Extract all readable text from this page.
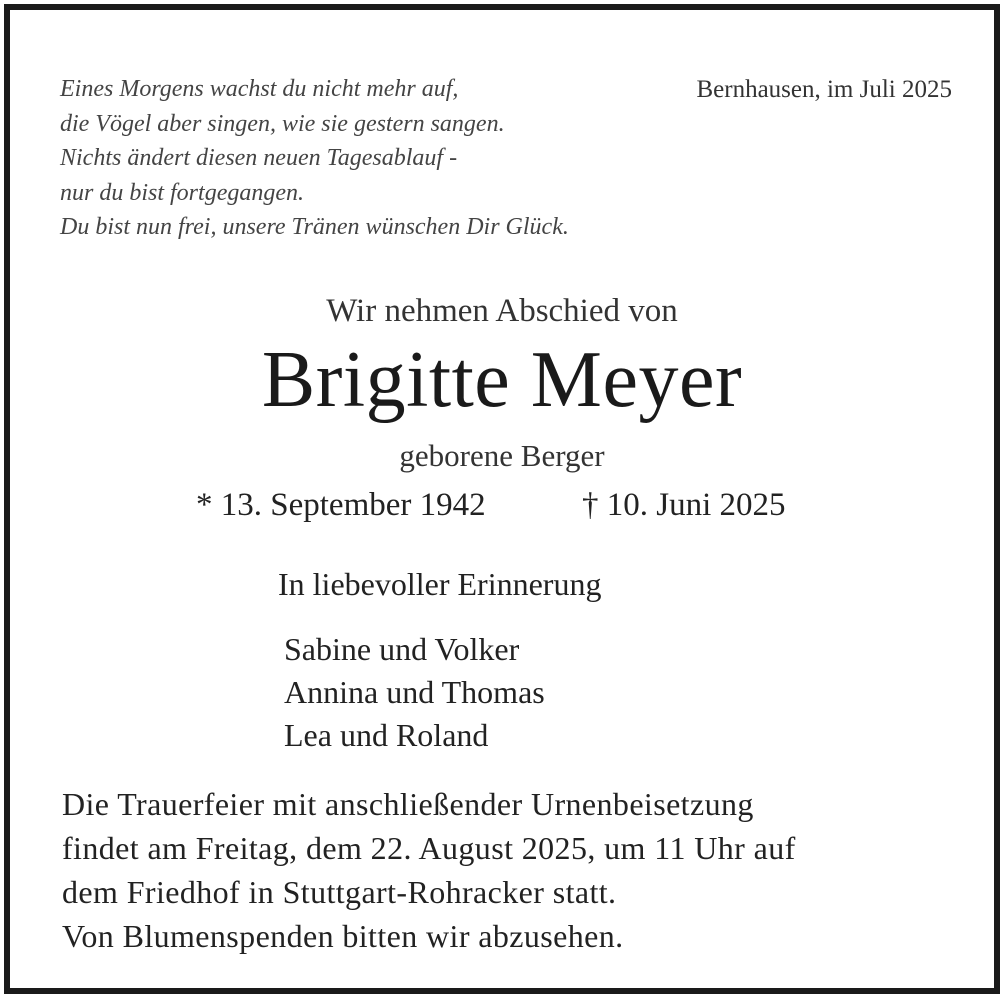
Eines Morgens wachst du nicht mehr auf,
die Vögel aber singen, wie sie gestern sangen.
Nichts ändert diesen neuen Tagesablauf -
nur du bist fortgegangen.
Du bist nun frei, unsere Tränen wünschen Dir Glück.
Bernhausen, im Juli 2025
Wir nehmen Abschied von
Brigitte Meyer
geborene Berger
* 13. September 1942	† 10. Juni 2025
In liebevoller Erinnerung
Sabine und Volker
Annina und Thomas
Lea und Roland
Die Trauerfeier mit anschließender Urnenbeisetzung
findet am Freitag, dem 22. August 2025, um 11 Uhr auf
dem Friedhof in Stuttgart-Rohracker statt.
Von Blumenspenden bitten wir abzusehen.
